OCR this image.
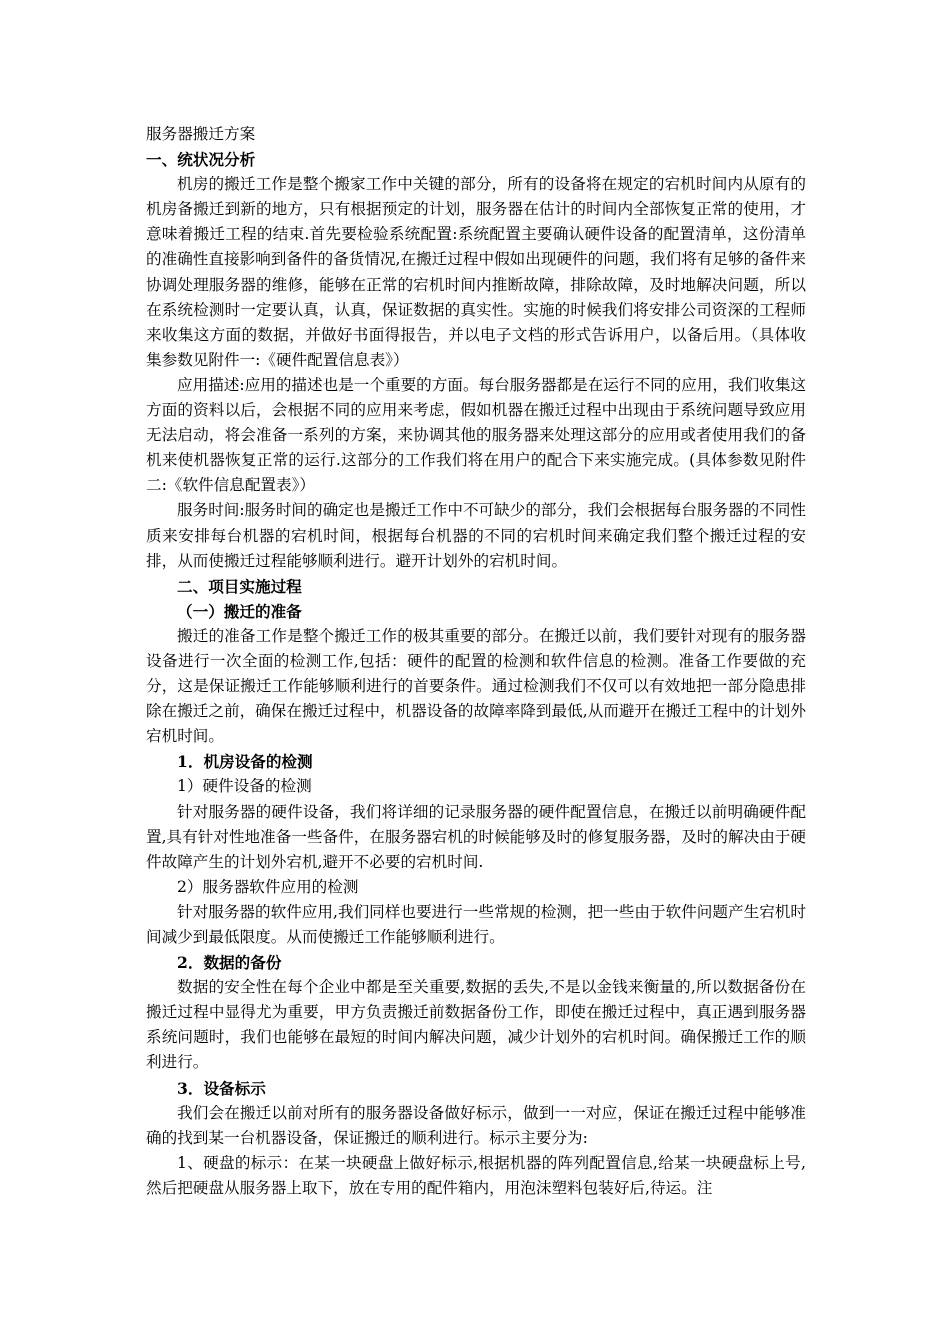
服务器搬迁方案

一、统状况分析

机房的搬迁工作是整个搬家工作中关键的部分，所有的设备将在规定的宕机时间内从原有的机房备搬迁到新的地方，只有根据预定的计划，服务器在估计的时间内全部恢复正常的使用，才意味着搬迁工程的结束.首先要检验系统配置:系统配置主要确认硬件设备的配置清单，这份清单的准确性直接影响到备件的备货情况,在搬迁过程中假如出现硬件的问题，我们将有足够的备件来协调处理服务器的维修，能够在正常的宕机时间内推断故障，排除故障，及时地解决问题，所以在系统检测时一定要认真，认真，保证数据的真实性。实施的时候我们将安排公司资深的工程师来收集这方面的数据，并做好书面得报告，并以电子文档的形式告诉用户，以备后用。（具体收集参数见附件一:《硬件配置信息表》）

应用描述:应用的描述也是一个重要的方面。每台服务器都是在运行不同的应用，我们收集这方面的资料以后，会根据不同的应用来考虑，假如机器在搬迁过程中出现由于系统问题导致应用无法启动，将会准备一系列的方案，来协调其他的服务器来处理这部分的应用或者使用我们的备机来使机器恢复正常的运行.这部分的工作我们将在用户的配合下来实施完成。(具体参数见附件二:《软件信息配置表》）

服务时间:服务时间的确定也是搬迁工作中不可缺少的部分，我们会根据每台服务器的不同性质来安排每台机器的宕机时间，根据每台机器的不同的宕机时间来确定我们整个搬迁过程的安排，从而使搬迁过程能够顺利进行。避开计划外的宕机时间。

二、项目实施过程

（一）搬迁的准备

搬迁的准备工作是整个搬迁工作的极其重要的部分。在搬迁以前，我们要针对现有的服务器设备进行一次全面的检测工作,包括：硬件的配置的检测和软件信息的检测。准备工作要做的充分，这是保证搬迁工作能够顺利进行的首要条件。通过检测我们不仅可以有效地把一部分隐患排除在搬迁之前，确保在搬迁过程中，机器设备的故障率降到最低,从而避开在搬迁工程中的计划外宕机时间。

1．机房设备的检测

1）硬件设备的检测

针对服务器的硬件设备，我们将详细的记录服务器的硬件配置信息，在搬迁以前明确硬件配置,具有针对性地准备一些备件，在服务器宕机的时候能够及时的修复服务器，及时的解决由于硬件故障产生的计划外宕机,避开不必要的宕机时间.

2）服务器软件应用的检测

针对服务器的软件应用,我们同样也要进行一些常规的检测，把一些由于软件问题产生宕机时间减少到最低限度。从而使搬迁工作能够顺利进行。

2．数据的备份

数据的安全性在每个企业中都是至关重要,数据的丢失,不是以金钱来衡量的,所以数据备份在搬迁过程中显得尤为重要，甲方负责搬迁前数据备份工作，即使在搬迁过程中，真正遇到服务器系统问题时，我们也能够在最短的时间内解决问题，减少计划外的宕机时间。确保搬迁工作的顺利进行。

3．设备标示

我们会在搬迁以前对所有的服务器设备做好标示，做到一一对应，保证在搬迁过程中能够准确的找到某一台机器设备，保证搬迁的顺利进行。标示主要分为:

1、硬盘的标示：在某一块硬盘上做好标示,根据机器的阵列配置信息,给某一块硬盘标上号,然后把硬盘从服务器上取下，放在专用的配件箱内，用泡沫塑料包装好后,待运。注
